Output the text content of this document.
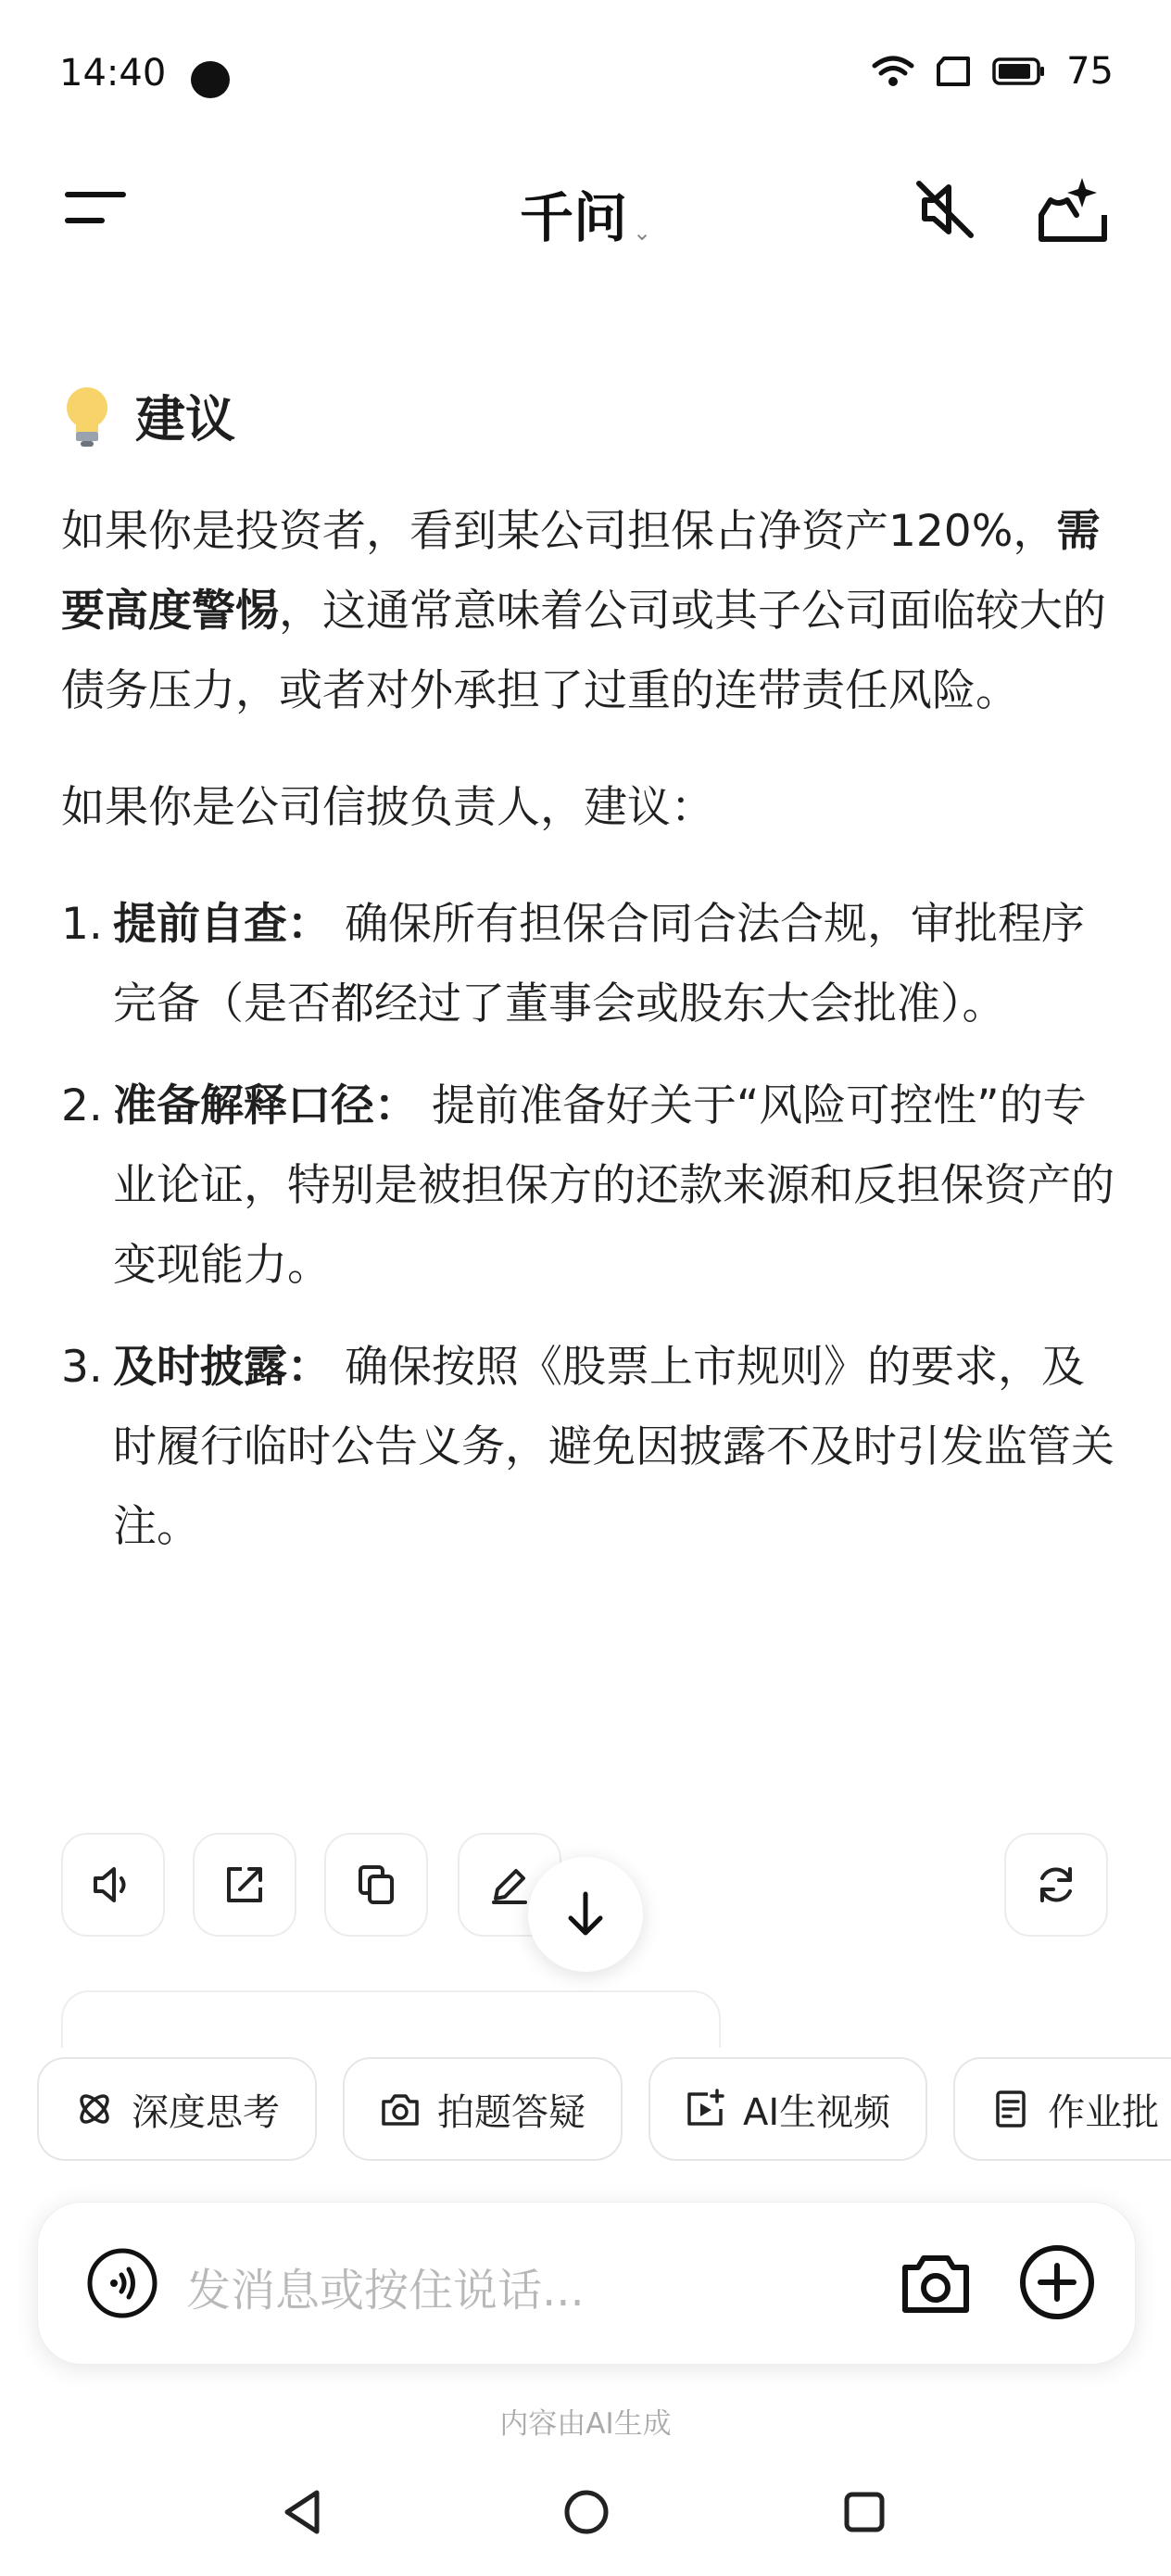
14:40	75
千问 ⌄
建议

如果你是投资者，看到某公司担保占净资产120%，需要高度警惕，这通常意味着公司或其子公司面临较大的债务压力，或者对外承担了过重的连带责任风险。

如果你是公司信披负责人，建议：

1. 提前自查： 确保所有担保合同合法合规，审批程序完备（是否都经过了董事会或股东大会批准）。
2. 准备解释口径： 提前准备好关于“风险可控性”的专业论证，特别是被担保方的还款来源和反担保资产的变现能力。
3. 及时披露： 确保按照《股票上市规则》的要求，及时履行临时公告义务，避免因披露不及时引发监管关注。
深度思考	拍题答疑	AI生视频	作业批
发消息或按住说话...
内容由AI生成
